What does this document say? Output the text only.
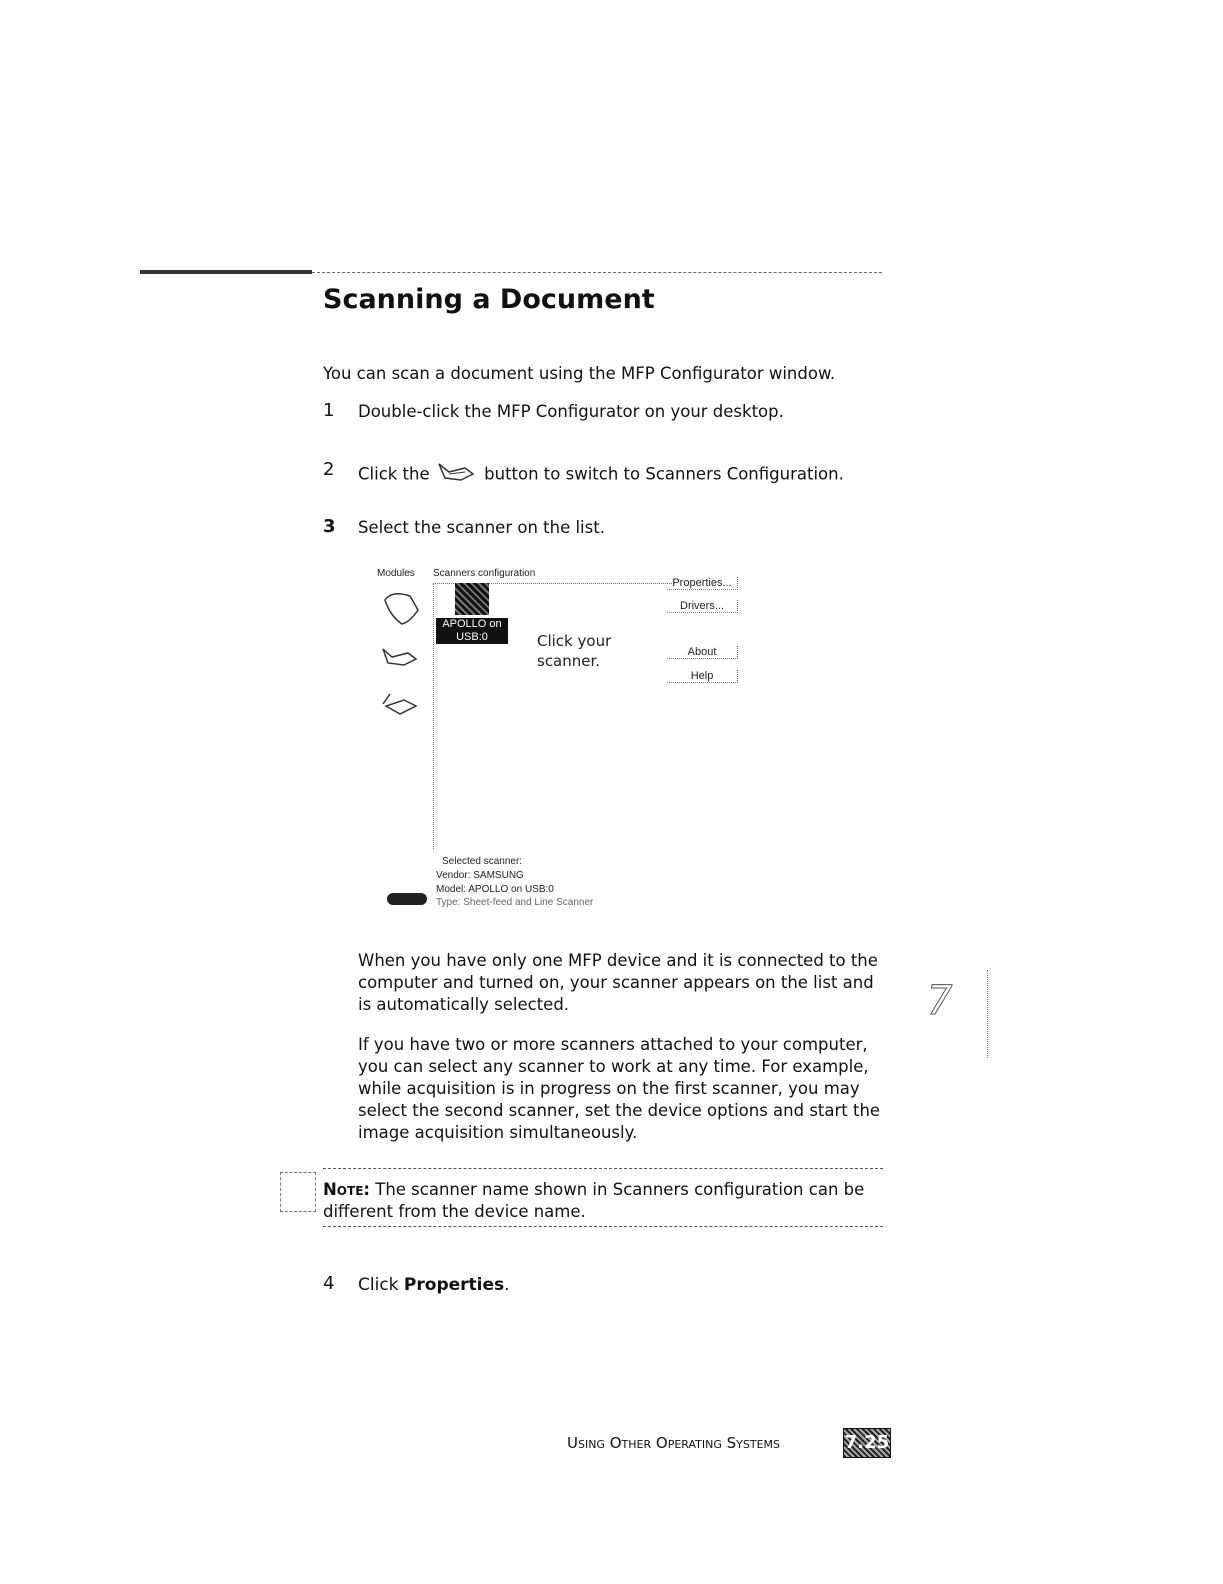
Scanning a Document
You can scan a document using the MFP Configurator window.
1 Double-click the MFP Configurator on your desktop.
2 Click the	button to switch to Scanners Configuration.
3 Select the scanner on the list.
Modules Scanners configuration
APOLLO on
USB:0	Click your scanner.
Properties...
Drivers...
About
Help
Selected scanner:
Vendor: SAMSUNG
Model: APOLLO on USB:0
Type: Sheet-feed and Line Scanner
When you have only one MFP device and it is connected to the computer and turned on, your scanner appears on the list and is automatically selected.
If you have two or more scanners attached to your computer, you can select any scanner to work at any time. For example, while acquisition is in progress on the first scanner, you may select the second scanner, set the device options and start the image acquisition simultaneously.
Note: The scanner name shown in Scanners configuration can be different from the device name.
4 Click Properties.
7
Using Other Operating Systems	7.25
